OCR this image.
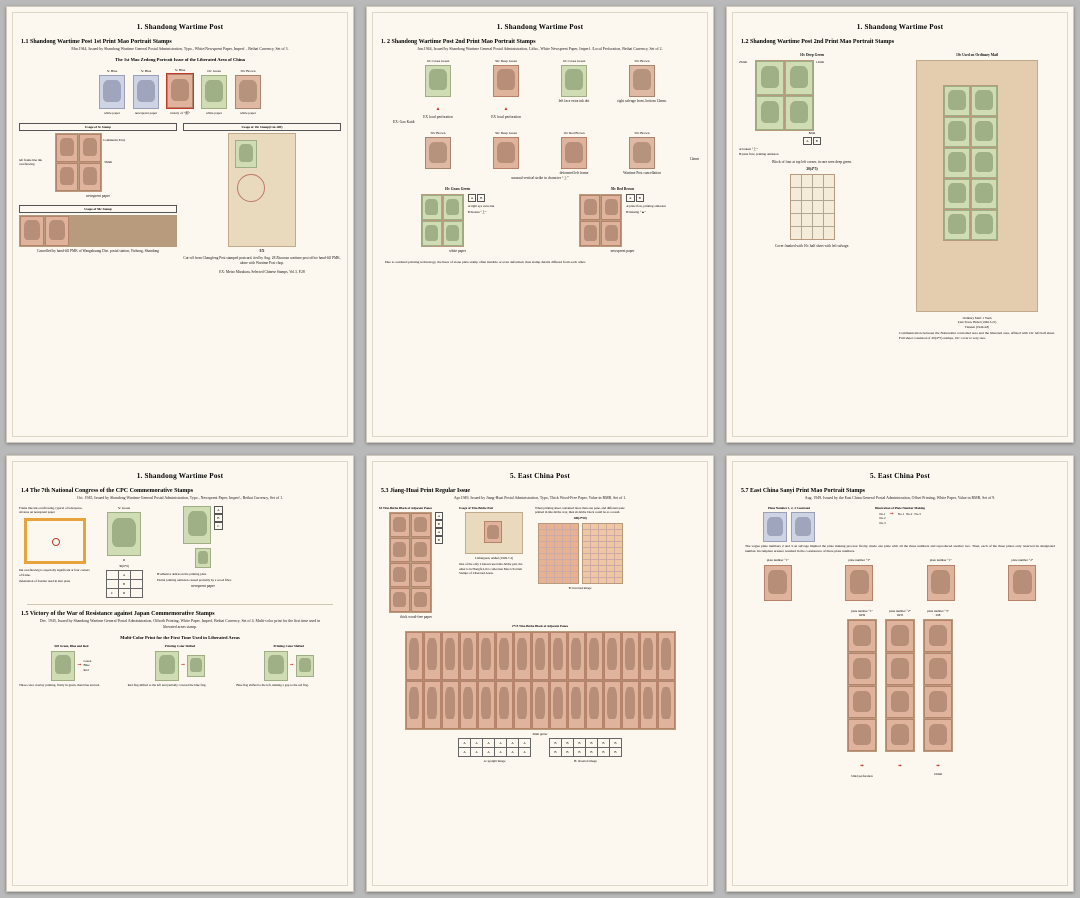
1. Shandong Wartime Post
1.1 Shandong Wartime Post 1st Print Mao Portrait Stamps
Mar.1944, Issued by Shandong Wartime General Postal Administration, Typo., White/Newsprent Paper, Imperf. , Beihai Currency, Set of 3.
The 1st Mao Zedong Portrait Issue of the Liberated Area of China
5c Blue
white paper
5c Blue
newsprent paper
5c Blue
variety of “邮”
10c Green
white paper
50c Brown
white paper
Usage of 5c Stamp
left frame line ink overflowing
33mm
newsprent paper
Usage of 50c Stamp
Cancelled by hand-fill PMK of Wangzhuang Dist. postal station, Yizhong, Shandong
Usage of 10c Stamp(Cut-Off)
EX
Cut-off from Changfeng Post stamped postcard, tied by Aug. 28 Zhoucun wartime post office hand-fill PMK, alone with Wartime Post chop.
EX: Meiso Mizuhara, Selected Chinese Stamps, Vol.3, P.28
Communist Party
1. Shandong Wartime Post
1. 2 Shandong Wartime Post 2nd Print Mao Portrait Stamps
Jun.1944, Issued by Shandong Wartime General Postal Administration, Litho., White Newsprent Paper, Imperf. /Local Perforation, Beihai Currency, Set of 2.
10c Grass Green
▲
EX local perforation
50c Deep Green
▲
EX local perforation
10c Grass Green
left face extra ink dot
50c Brown
right salvage from, bottom 12mm.
EX: Gao Kaidi
12mm
50c Brown	50c Deep Green	10c Red Brown
deformed left frame
50c Brown
Wartime Post cancellation
unusual vertical strike in character “上”
10c Grass Green
A	B
A:right eye extra ink
B:broken “上”
white paper
50c Red Brown
A	B
A:plate flaw, printing omission
B:missing “▲”
newsprent paper
Due to outdated printing technology, the lines of stone plate stamp often instable or even deformed, thus stamp details differed from each other.
1. Shandong Wartime Post
1.2 Shandong Wartime Post 2nd Print Mao Portrait Stamps
10c Deep Green
25mm	12mm
8mm
A	B
A:broken “上”
B:plate flaw, printing omission
Block of four at top left corner, in rare seen deep green.
20(4*5)
Cover franked with 10c half sheet with left salvage.
10c Used on Ordinary Mail
Ordinary Mail: 1 Yuan
Lian Town, Hebei (1946.5.21)
Tianzen (1946.4.8)
Communication between the Nationalist controlled area and the liberated area, affixed with 10c left half sheet. Full sheet consisted of 20(4*5) stamps, 10c cover is very rare.
1. Shandong Wartime Post
1.4 The 7th National Congress of the CPC Commemorative Stamps
Oct. 1945, Issued by Shandong Wartime General Postal Administration, Typo., Newsprent Paper, Imperf., Beihai Currency, Set of 1.
Frame line ink overflowing, typical of letterpress, obvious on newsprent paper
Ink overflowing is especially significant at four corners of frame.
indentation of frontier used in zinc plate
5c Green
D
36(6*6)
	A	
	B	
C	D	
A
B
C
B:adhesive debris on the printing plate
Partial printing omission caused probably by a wood fiber.
newsprent paper
1.5 Victory of the War of Resistance against Japan Commemorative Stamps
Dec. 1945, Issued by Shandong Wartime General Postal Administration, Offsoth Printing, White Paper, Imperf, Beihai Currency, Set of 4, Multi-color print for the first time used in liberated areas stamp.
Multi-Color Print for the First Time Used in Liberated Areas
$20 Green, Blue and Red
➞
Green
Blue
Red
Three-color overlay printing, firstly in green, then blue and red.
Printing Color Shifted
➞
Red flag shifted to the left and partially covered the blue flag.
Printing Color Shifted
➞
Blue flag shifted to the left, making a gap to the red flag.
5. East China Post
5.3 Jiang-Huai Print Regular Issue
Apr.1949, Issued by Jiang-Huai Postal Administration, Typo, Thick Wood-Free Paper, Value in RMB, Set of 1.
$3 Tête-Bêche Block of Adjacent Panes
A
B
A
B
thick wood-free paper
Usage of Tête-Bêche Pair
Lishuiguan, Anhui (1949.7.4)
One of the only 2 known used tête-bêche pair, the other is in Hongfu Lin’s collection Mao’s Portrait Stamps of Liberated Areas.
When printing sheet contained more than one pane, and different pane printed in tête-bêche way, then sh-bêche block could be as a result.
100(2*50)
B: inverted image
2*15 Tête-Bêche Block of Adjacent Panes
6mm gutter
A	A	A	A	A	A
A	A	A	A	A	A
A: upright image
B	B	B	B	B	B
B	B	B	B	B	B
B: inverted image
5. East China Post
5.7 East China Sanyi Print Mao Portrait Stamps
Aug. 1949, Issued by the East China General Postal Administration, Offset Printing, White Paper, Value in RMB, Set of 9.
Plate Number 1, 2, 3 Coexisted	Illustration of Plate Number Making
No.1
No.2
No.3
➞ No.1 No.2 No.3
The vague plate numbers 2 and 3 on selvage implied the plate making process: firstly, made one plate with all the three numbers and reproduced another two. Then, each of the three plates only reserved its designated number. Incomplete erasure resulted in the coexistence of three plate numbers.
plate number “1”	plate number “3”	plate number “1”	plate number “2”
plate number “1”
0439
➠
blind perforation
plate number “2”
0435
➠
plate number “3”
298
➠
16mm
